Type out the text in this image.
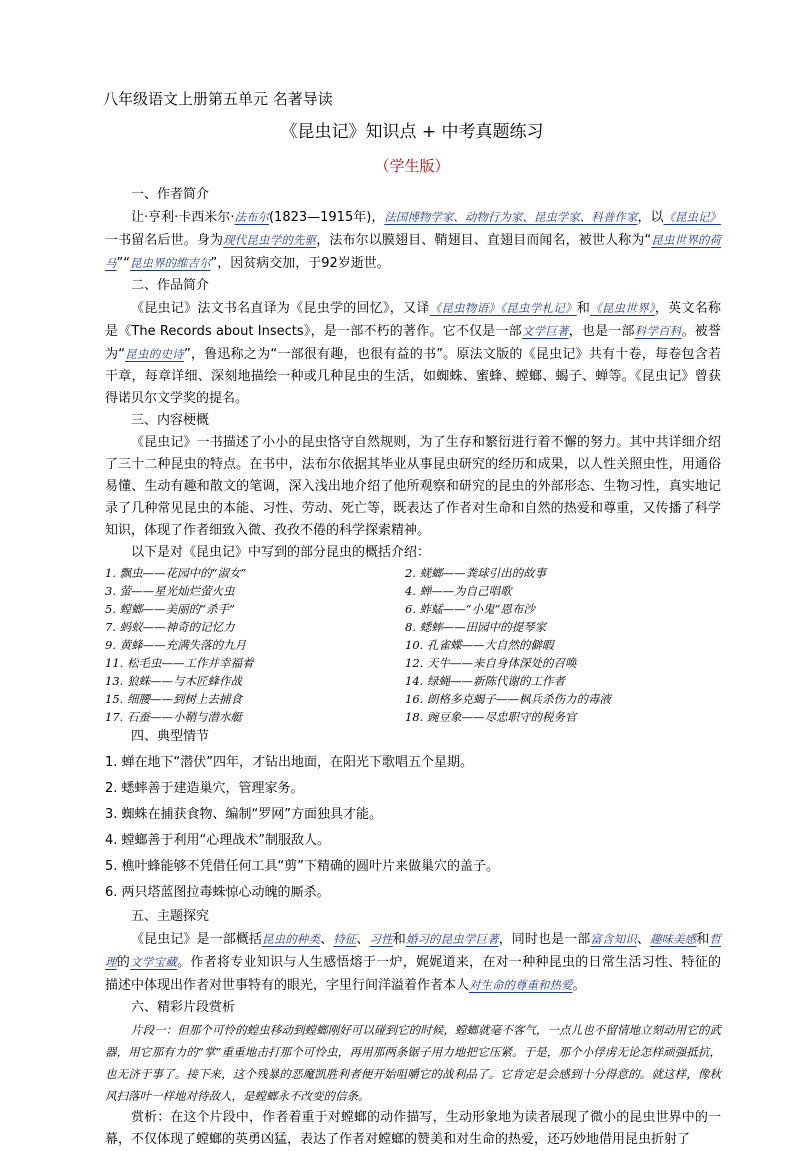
八年级语文上册第五单元 名著导读
《昆虫记》知识点 + 中考真题练习
（学生版）

一、作者简介

让·亨利·卡西米尔·法布尔(1823—1915年)，法国博物学家、动物行为家、昆虫学家、科普作家，以《昆虫记》一书留名后世。身为现代昆虫学的先驱，法布尔以膜翅目、鞘翅目、直翅目而闻名，被世人称为“昆虫世界的荷马”“昆虫界的维吉尔”，因贫病交加，于92岁逝世。

二、作品简介

《昆虫记》法文书名直译为《昆虫学的回忆》，又译《昆虫物语》《昆虫学札记》和《昆虫世界》，英文名称是《The Records about Insects》，是一部不朽的著作。它不仅是一部文学巨著，也是一部科学百科。被誉为“昆虫的史诗”，鲁迅称之为“一部很有趣，也很有益的书”。原法文版的《昆虫记》共有十卷，每卷包含若干章，每章详细、深刻地描绘一种或几种昆虫的生活，如蜘蛛、蜜蜂、螳螂、蝎子、蝉等。《昆虫记》曾获得诺贝尔文学奖的提名。

三、内容梗概

《昆虫记》一书描述了小小的昆虫恪守自然规则，为了生存和繁衍进行着不懈的努力。其中共详细介绍了三十二种昆虫的特点。在书中，法布尔依据其毕业从事昆虫研究的经历和成果，以人性关照虫性，用通俗易懂、生动有趣和散文的笔调，深入浅出地介绍了他所观察和研究的昆虫的外部形态、生物习性，真实地记录了几种常见昆虫的本能、习性、劳动、死亡等，既表达了作者对生命和自然的热爱和尊重，又传播了科学知识，体现了作者细致入微、孜孜不倦的科学探索精神。

以下是对《昆虫记》中写到的部分昆虫的概括介绍：

1. 飘虫——花园中的“淑女”	2. 蜣螂——粪球引出的故事
3. 萤——星光灿烂萤火虫	4. 蝉——为自己唱歌
5. 螳螂——美丽的“杀手”	6. 蚱蜢——“小鬼”恩布沙
7. 蚂蚁——神奇的记忆力	8. 蟋蟀——田园中的提琴家
9. 黄蜂——充满失落的九月	10. 孔雀蝶——大自然的僻暇
11. 松毛虫——工作并幸福着	12. 天牛——来自身体深处的召唤
13. 狼蛛——与木匠蜂作战	14. 绿蝇——新陈代谢的工作者
15. 细腰——到树上去捕食	16. 朗格多克蝎子——枫兵杀伤力的毒液
17. 石蚕——小鞘与潜水艇	18. 豌豆象——尽忠职守的税务官

四、典型情节

1. 蝉在地下“潜伏”四年，才钻出地面，在阳光下歌唱五个星期。
2. 蟋蟀善于建造巢穴，管理家务。
3. 蜘蛛在捕获食物、编制“罗网”方面独具才能。
4. 螳螂善于利用“心理战术”制服敌人。
5. 樵叶蜂能够不凭借任何工具“剪”下精确的圆叶片来做巢穴的盖子。
6. 两只塔蓝图拉毒蛛惊心动魄的厮杀。

五、主题探究

《昆虫记》是一部概括昆虫的种类、特征、习性和婚习的昆虫学巨著，同时也是一部富含知识、趣味美感和哲理的文学宝藏。作者将专业知识与人生感悟熔于一炉，娓娓道来，在对一种种昆虫的日常生活习性、特征的描述中体现出作者对世事特有的眼光，字里行间洋溢着作者本人对生命的尊重和热爱。

六、精彩片段赏析

片段一：但那个可怜的蝗虫移动到螳螂刚好可以碰到它的时候，螳螂就毫不客气，一点儿也不留情地立刻动用它的武器，用它那有力的“掌”重重地击打那个可怜虫，再用那两条锯子用力地把它压紧。于是，那个小俘虏无论怎样顽强抵抗，也无济于事了。接下来，这个残暴的恶魔凯胜利者便开始咀嚼它的战利品了。它肯定是会感到十分得意的。就这样，像秋风扫落叶一样地对待敌人，是螳螂永不改变的信条。

赏析：在这个片段中，作者着重于对螳螂的动作描写，生动形象地为读者展现了微小的昆虫世界中的一幕，不仅体现了螳螂的英勇凶猛，表达了作者对螳螂的赞美和对生命的热爱，还巧妙地借用昆虫折射了
